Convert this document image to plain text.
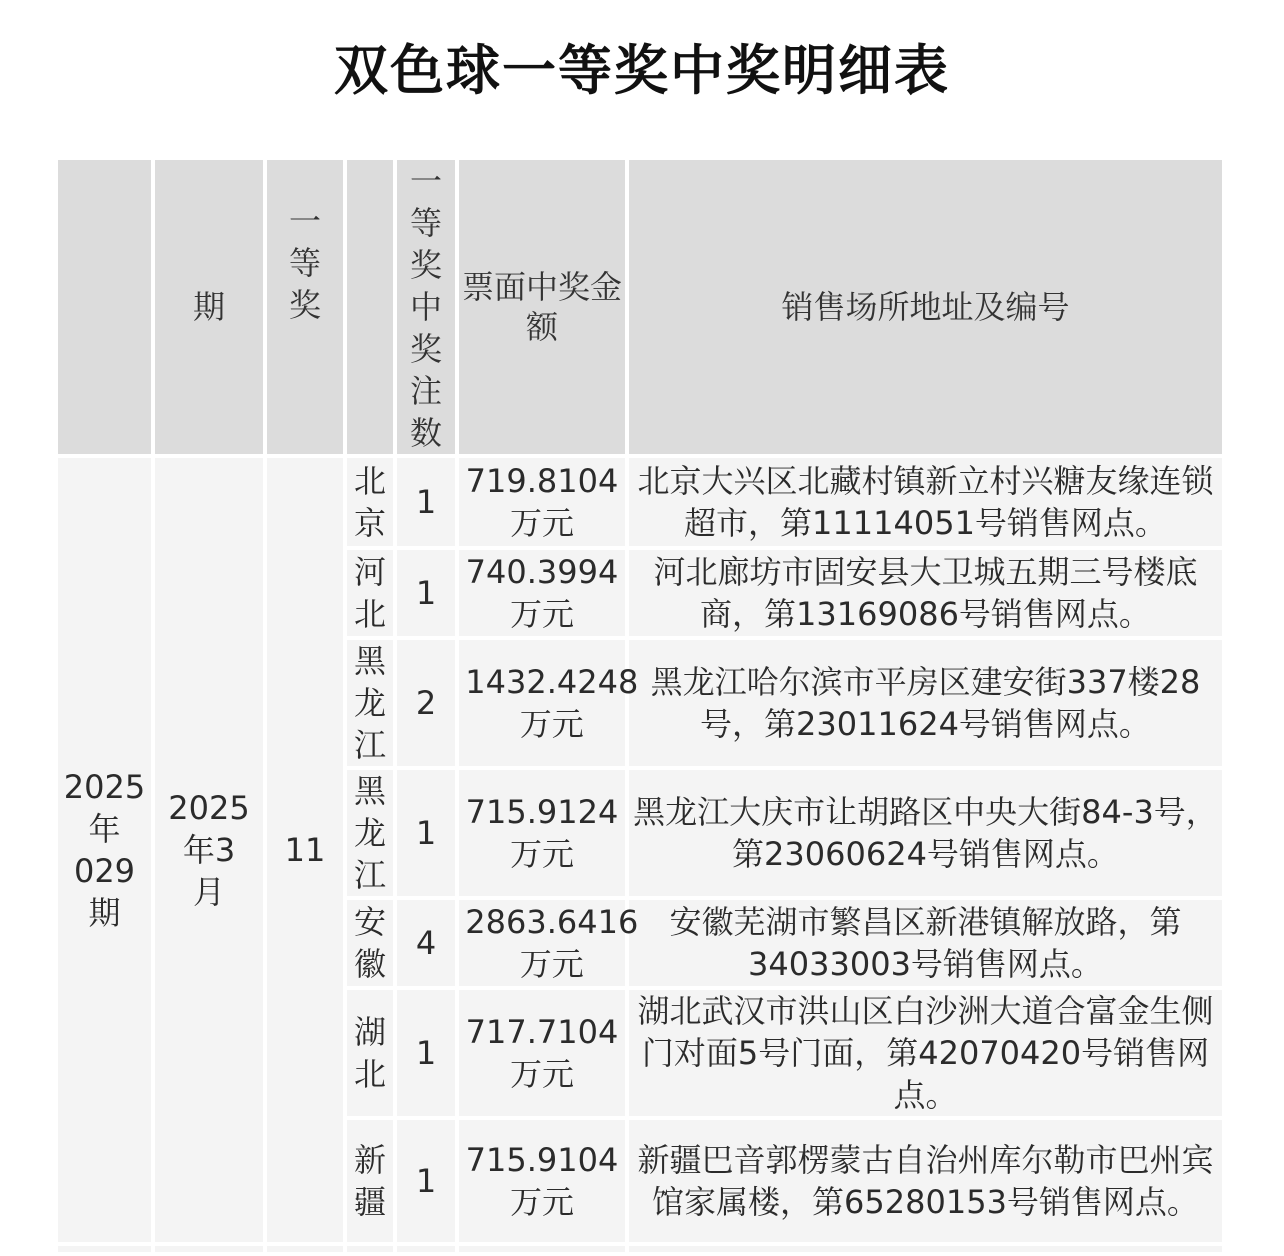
双色球一等奖中奖明细表
	期	一等奖		一等奖中奖注数	票面中奖金额	销售场所地址及编号
2025年029期	2025年3月	11	北京	1	719.8104万元	北京大兴区北藏村镇新立村兴糖友缘连锁超市，第11114051号销售网点。
			河北	1	740.3994万元	河北廊坊市固安县大卫城五期三号楼底商，第13169086号销售网点。
			黑龙江	2	1432.4248万元	黑龙江哈尔滨市平房区建安街337楼28号，第23011624号销售网点。
			黑龙江	1	715.9124万元	黑龙江大庆市让胡路区中央大街84-3号，第23060624号销售网点。
			安徽	4	2863.6416万元	安徽芜湖市繁昌区新港镇解放路，第34033003号销售网点。
			湖北	1	717.7104万元	湖北武汉市洪山区白沙洲大道合富金生侧门对面5号门面，第42070420号销售网点。
			新疆	1	715.9104万元	新疆巴音郭楞蒙古自治州库尔勒市巴州宾馆家属楼，第65280153号销售网点。
